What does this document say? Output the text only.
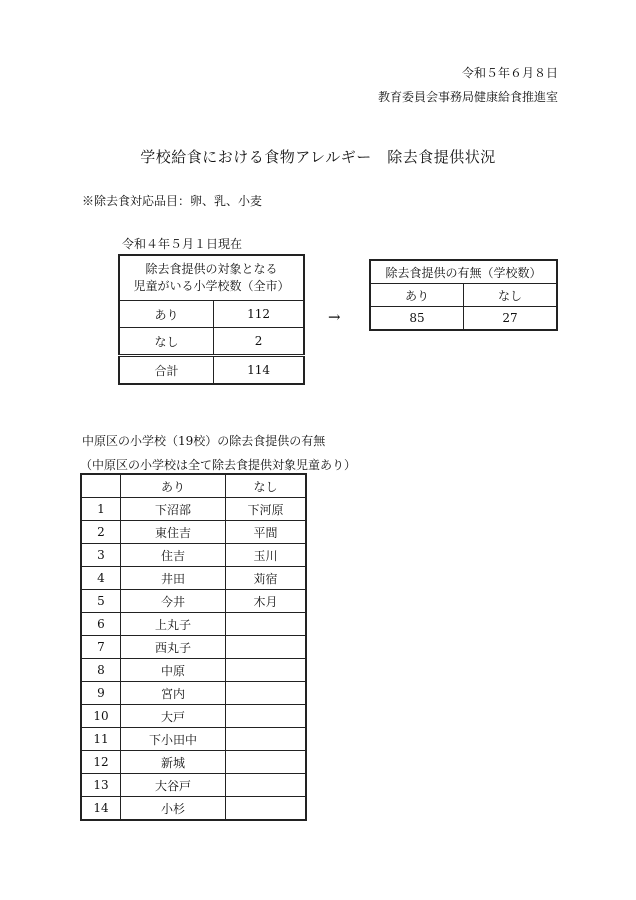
令和５年６月８日
教育委員会事務局健康給食推進室
学校給食における食物アレルギー　除去食提供状況
※除去食対応品目：卵、乳、小麦
令和４年５月１日現在
除去食提供の対象となる
児童がいる小学校数（全市）	

あり	112
なし	2
合計	114
→
除去食提供の有無（学校数）	
あり	なし
85	27
中原区の小学校（19校）の除去食提供の有無
（中原区の小学校は全て除去食提供対象児童あり）
	あり	なし
1	下沼部	下河原
2	東住吉	平間
3	住吉	玉川
4	井田	苅宿
5	今井	木月
6	上丸子	
7	西丸子	
8	中原	
9	宮内	
10	大戸	
11	下小田中	
12	新城	
13	大谷戸	
14	小杉	
